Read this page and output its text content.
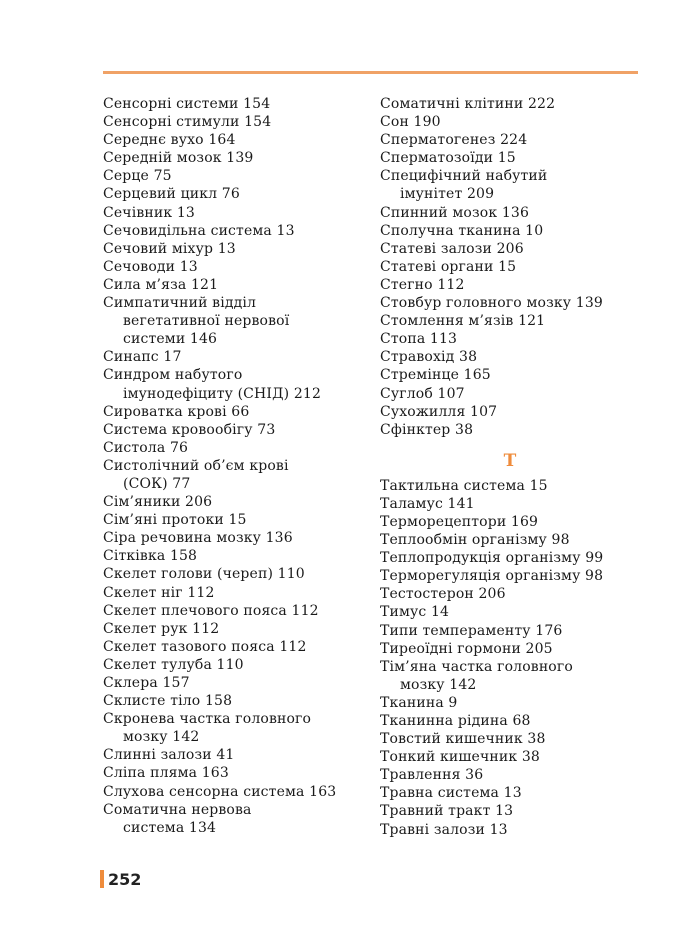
Сенсорні системи 154
Сенсорні стимули 154
Середнє вухо 164
Середній мозок 139
Серце 75
Серцевий цикл 76
Сечівник 13
Сечовидільна система 13
Сечовий міхур 13
Сечоводи 13
Сила м’яза 121
Симпатичний відділ
вегетативної нервової
системи 146
Синапс 17
Синдром набутого
імунодефіциту (СНІД) 212
Сироватка крові 66
Система кровообігу 73
Систола 76
Систолічний об’єм крові
(СОК) 77
Сім’яники 206
Сім’яні протоки 15
Сіра речовина мозку 136
Сітківка 158
Скелет голови (череп) 110
Скелет ніг 112
Скелет плечового пояса 112
Скелет рук 112
Скелет тазового пояса 112
Скелет тулуба 110
Склера 157
Склисте тіло 158
Скронева частка головного
мозку 142
Слинні залози 41
Сліпа пляма 163
Слухова сенсорна система 163
Соматична нервова
система 134
Соматичні клітини 222
Сон 190
Сперматогенез 224
Сперматозоїди 15
Специфічний набутий
імунітет 209
Спинний мозок 136
Сполучна тканина 10
Статеві залози 206
Статеві органи 15
Стегно 112
Стовбур головного мозку 139
Стомлення м’язів 121
Стопа 113
Стравохід 38
Стремінце 165
Суглоб 107
Сухожилля 107
Сфінктер 38
Т
Тактильна система 15
Таламус 141
Терморецептори 169
Теплообмін організму 98
Теплопродукція організму 99
Терморегуляція організму 98
Тестостерон 206
Тимус 14
Типи темпераменту 176
Тиреоїдні гормони 205
Тім’яна частка головного
мозку 142
Тканина 9
Тканинна рідина 68
Товстий кишечник 38
Тонкий кишечник 38
Травлення 36
Травна система 13
Травний тракт 13
Травні залози 13
252
